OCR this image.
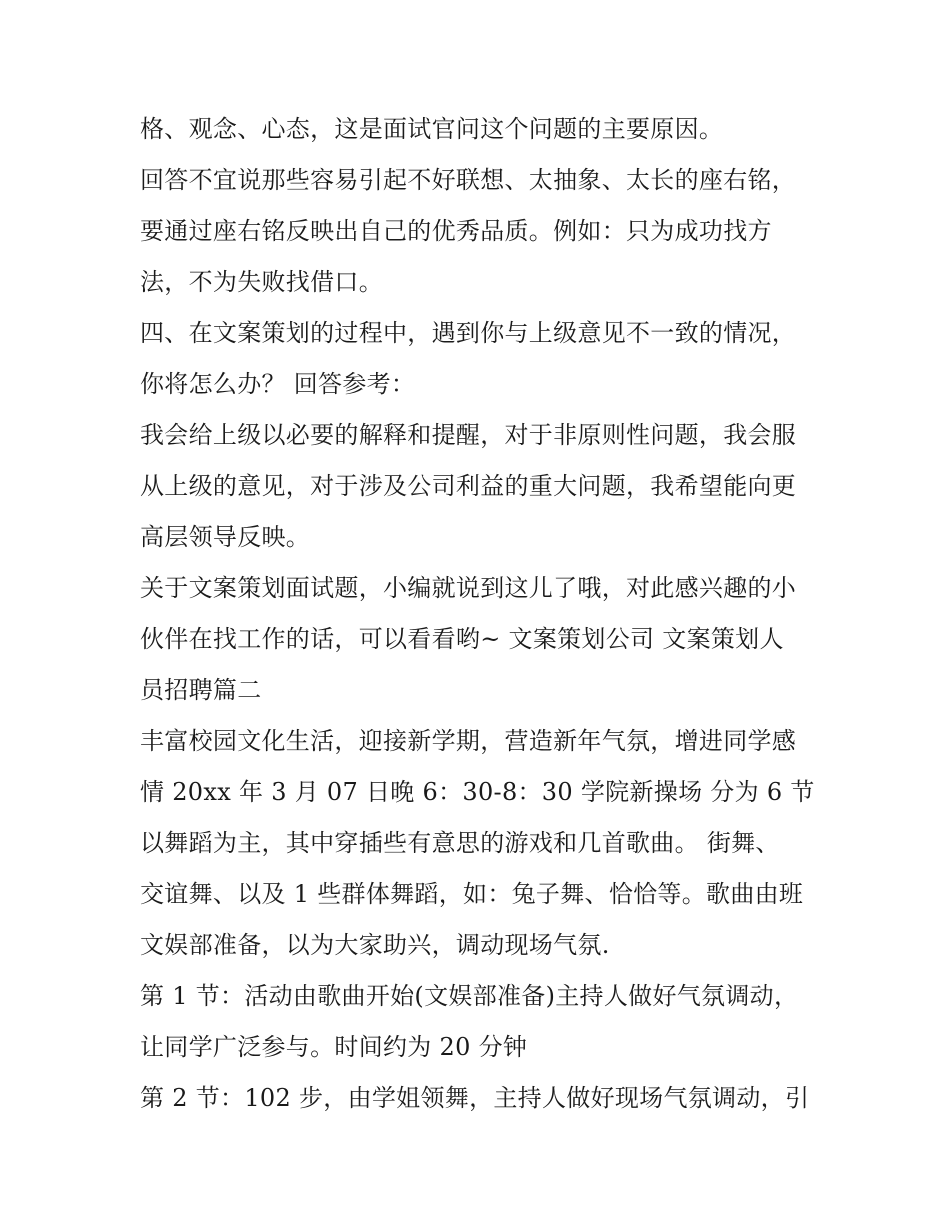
格、观念、心态，这是面试官问这个问题的主要原因。
回答不宜说那些容易引起不好联想、太抽象、太长的座右铭，
要通过座右铭反映出自己的优秀品质。例如：只为成功找方
法，不为失败找借口。
四、在文案策划的过程中，遇到你与上级意见不一致的情况，
你将怎么办？ 回答参考：
我会给上级以必要的解释和提醒，对于非原则性问题，我会服
从上级的意见，对于涉及公司利益的重大问题，我希望能向更
高层领导反映。
关于文案策划面试题，小编就说到这儿了哦，对此感兴趣的小
伙伴在找工作的话，可以看看哟~ 文案策划公司 文案策划人
员招聘篇二
丰富校园文化生活，迎接新学期，营造新年气氛，增进同学感
情 20xx 年 3 月 07 日晚 6：30-8：30 学院新操场 分为 6 节
以舞蹈为主，其中穿插些有意思的游戏和几首歌曲。 街舞、
交谊舞、以及 1 些群体舞蹈，如：兔子舞、恰恰等。歌曲由班
文娱部准备，以为大家助兴，调动现场气氛.
第 1 节：活动由歌曲开始(文娱部准备)主持人做好气氛调动，
让同学广泛参与。时间约为 20 分钟
第 2 节：102 步，由学姐领舞，主持人做好现场气氛调动，引
